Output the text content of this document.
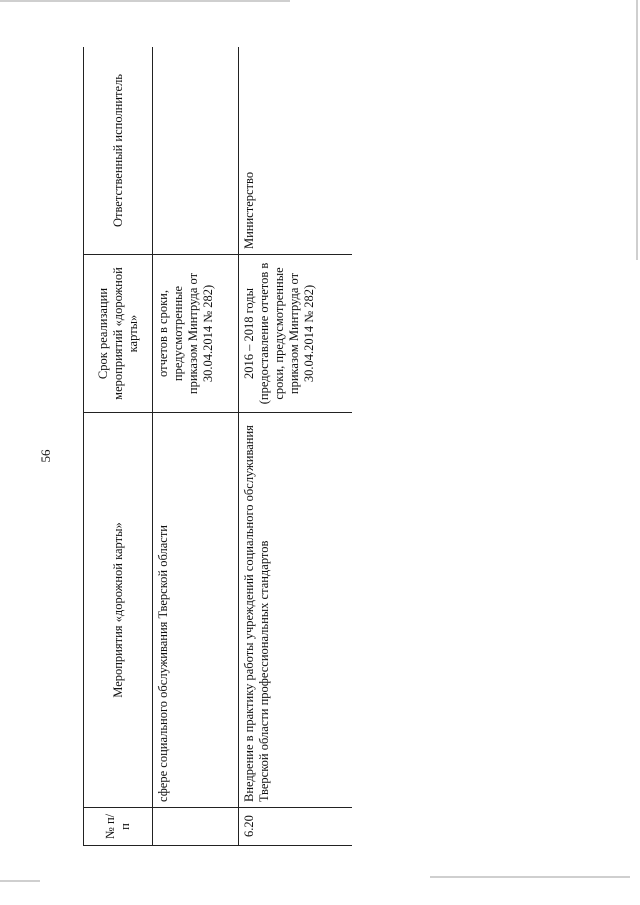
56
№ п/п	Мероприятия «дорожной карты»	Срок реализации мероприятий «дорожной карты»	Ответственный исполнитель
	сфере социального обслуживания Тверской области	отчетов в сроки, предусмотренные приказом Минтруда от 30.04.2014 № 282)	
6.20	Внедрение в практику работы учреждений социального обслуживания Тверской области профессиональных стандартов	2016 – 2018 годы (предоставление отчетов в сроки, предусмотренные приказом Минтруда от 30.04.2014 № 282)	Министерство
